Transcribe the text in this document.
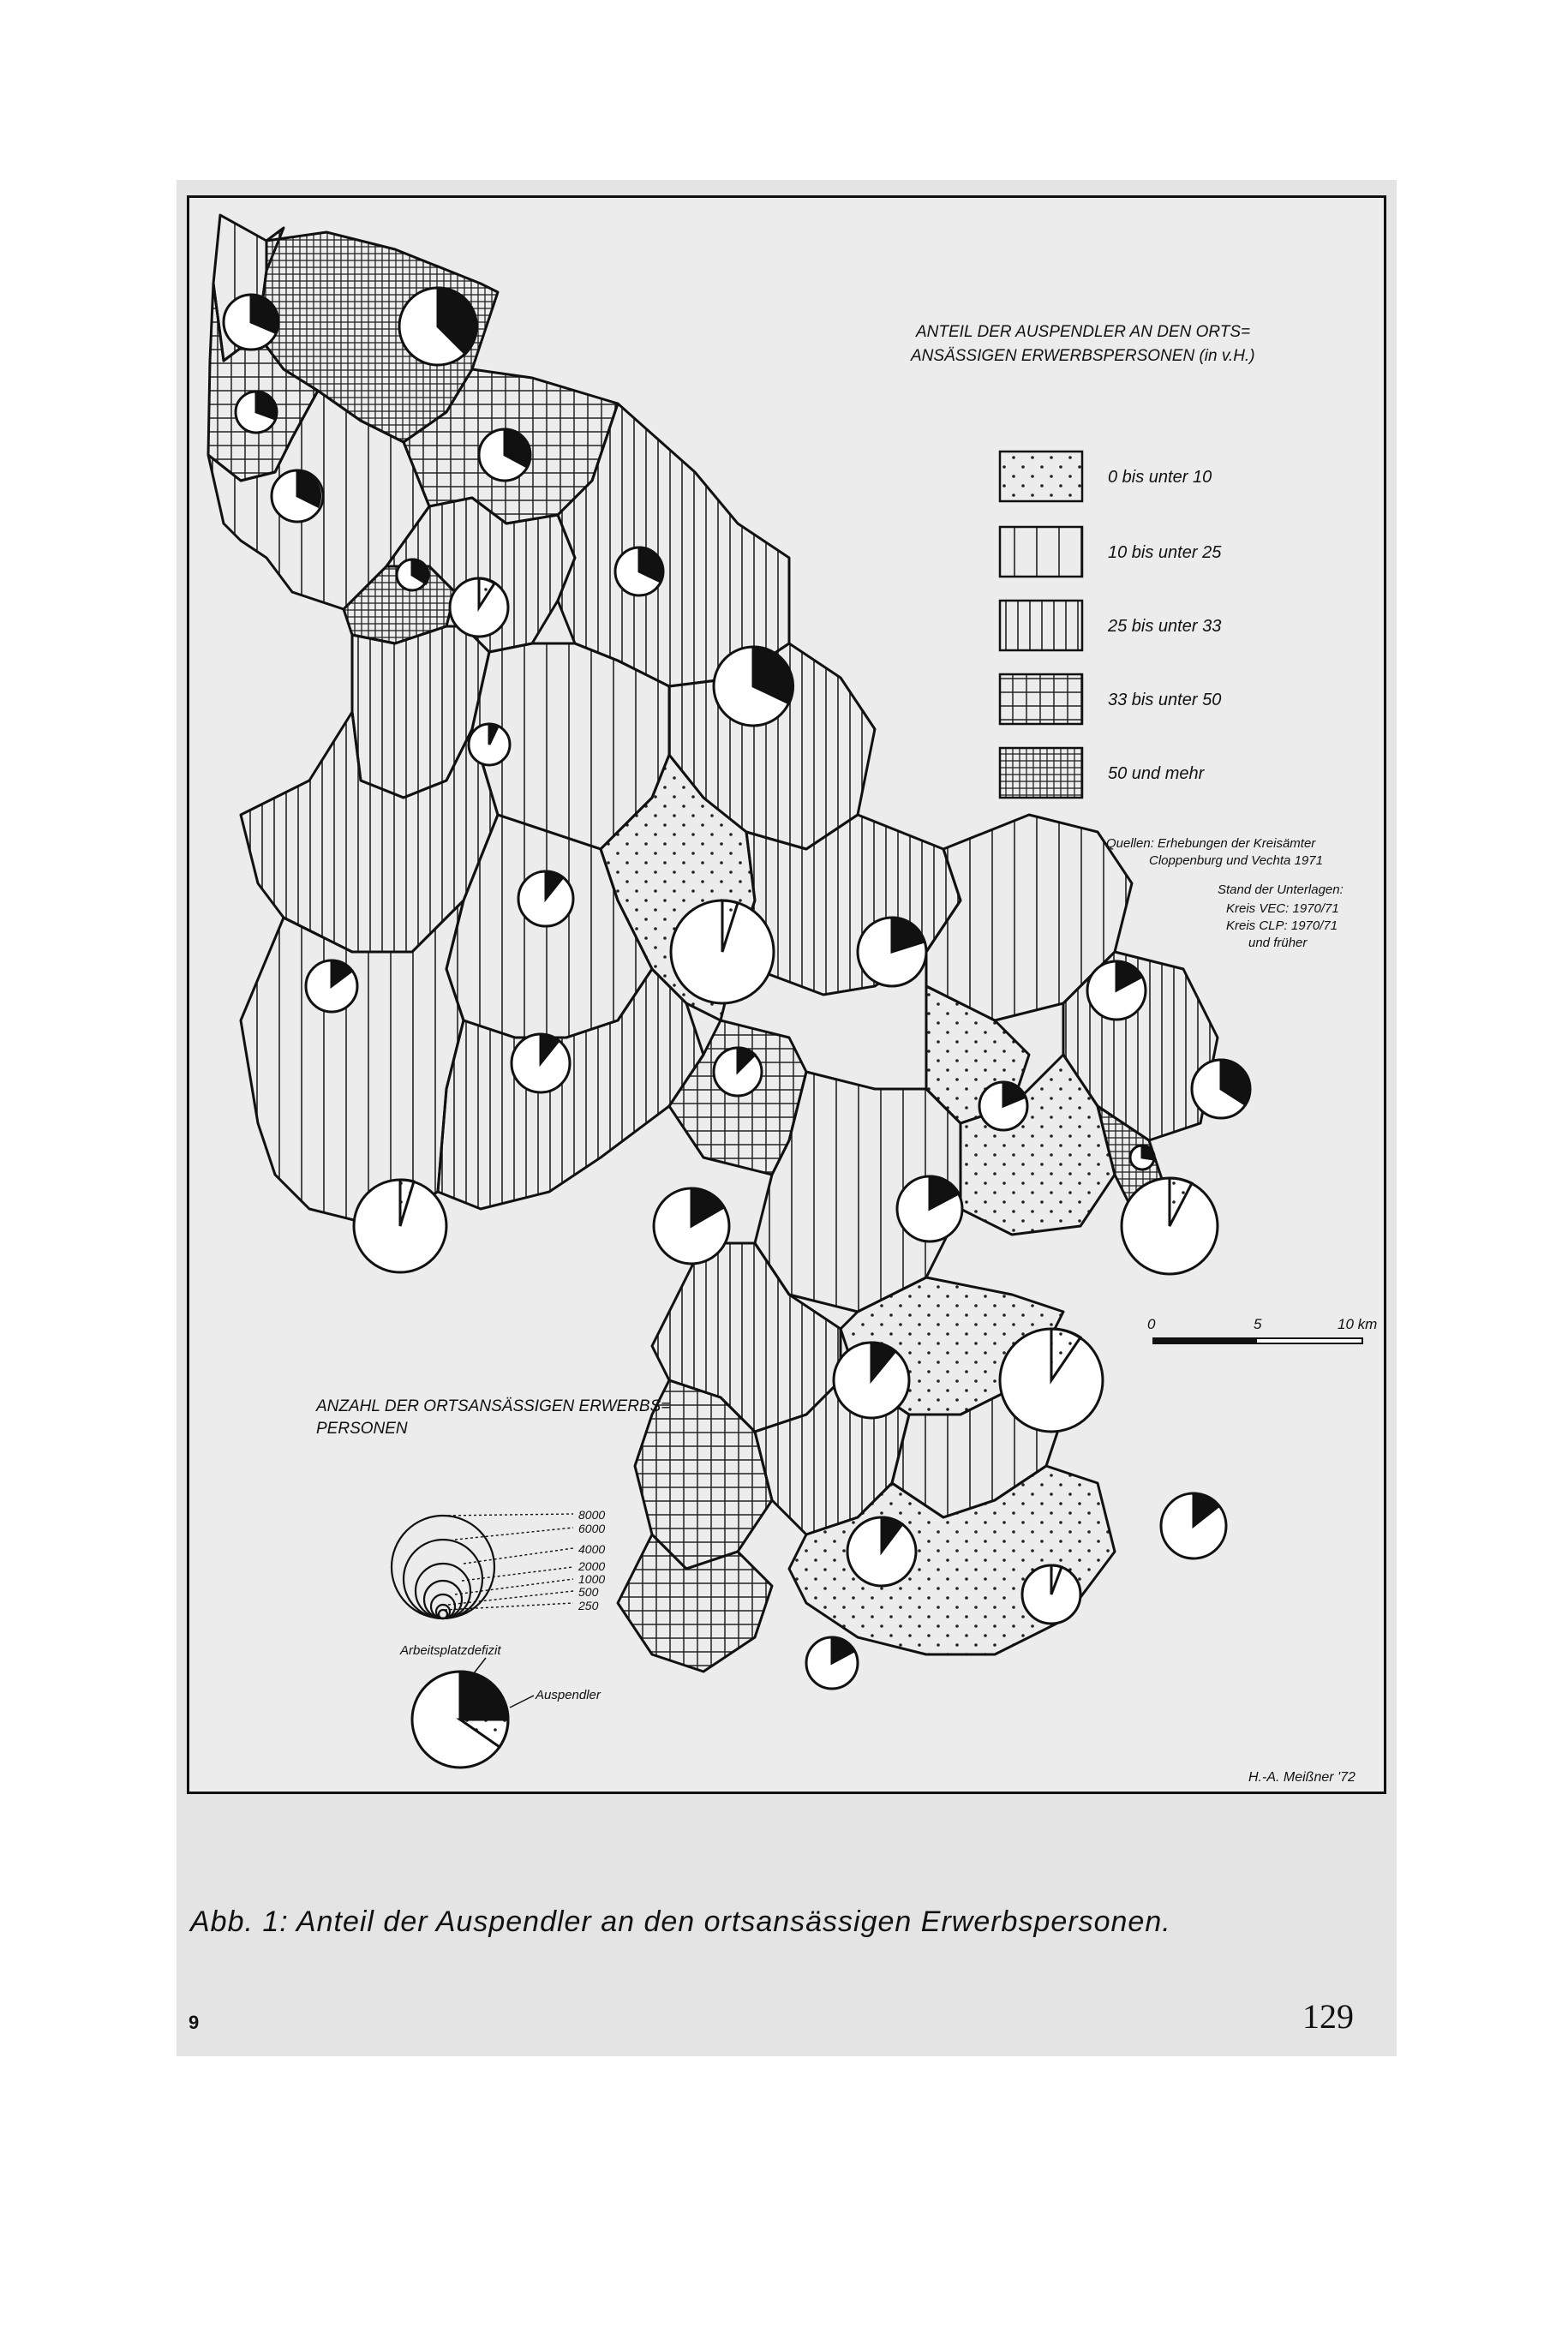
ANTEIL DER AUSPENDLER AN DEN ORTS=
ANSÄSSIGEN ERWERBSPERSONEN (in v.H.)
0 bis unter 10
10 bis unter 25
25 bis unter 33
33 bis unter 50
50 und mehr
Quellen: Erhebungen der Kreisämter
Cloppenburg und Vechta 1971
Stand der Unterlagen:
Kreis VEC: 1970/71
Kreis CLP: 1970/71
und früher
0	5	10 km
ANZAHL DER ORTSANSÄSSIGEN ERWERBS=
PERSONEN
8000
6000
4000
2000
1000
500
250
Arbeitsplatzdefizit
Auspendler
H.-A. Meißner '72
Abb. 1: Anteil der Auspendler an den ortsansässigen Erwerbspersonen.
9	129
